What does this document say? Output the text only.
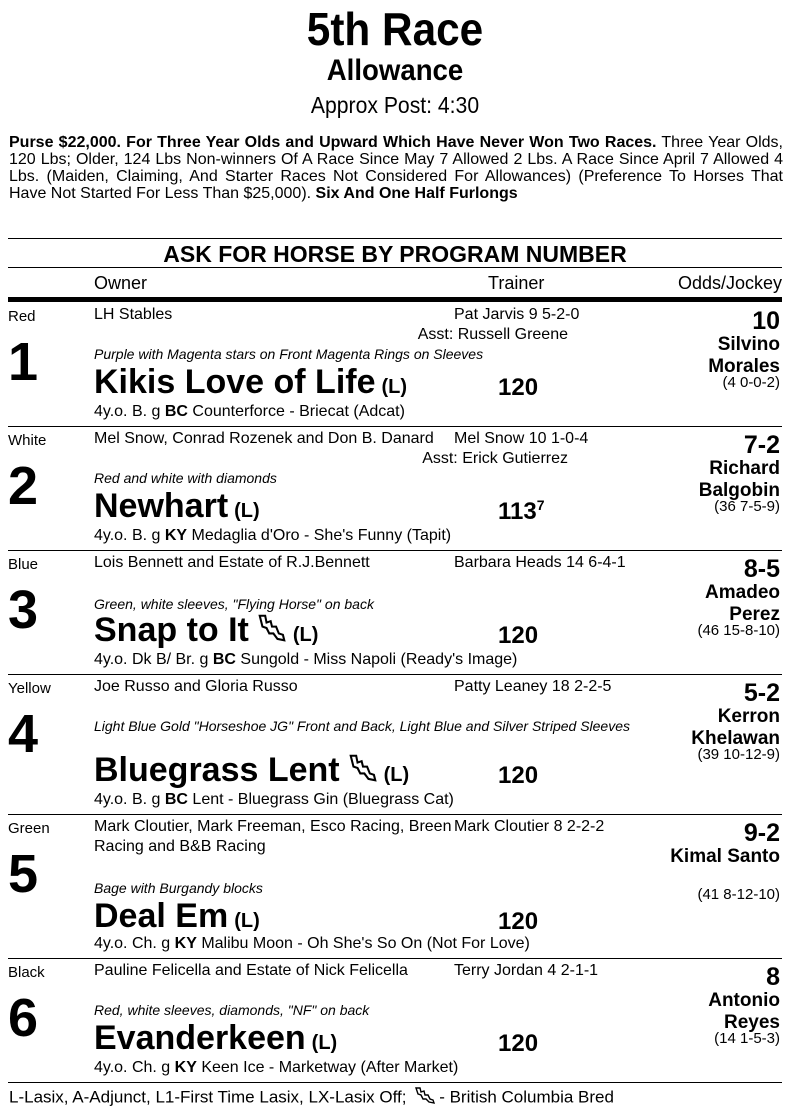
5th Race
Allowance
Approx Post: 4:30
Purse $22,000. For Three Year Olds and Upward Which Have Never Won Two Races. Three Year Olds, 120 Lbs; Older, 124 Lbs Non-winners Of A Race Since May 7 Allowed 2 Lbs. A Race Since April 7 Allowed 4 Lbs. (Maiden, Claiming, And Starter Races Not Considered For Allowances) (Preference To Horses That Have Not Started For Less Than $25,000). Six And One Half Furlongs
ASK FOR HORSE BY PROGRAM NUMBER
Owner	Trainer	Odds/Jockey
Red
1
LH Stables	Pat Jarvis 9 5-2-0
Asst: Russell Greene
Purple with Magenta stars on Front Magenta Rings on Sleeves
Kikis Love of Life (L)	120
4y.o. B. g BC Counterforce - Briecat (Adcat)
10
Silvino Morales
(4 0-0-2)
White
2
Mel Snow, Conrad Rozenek and Don B. Danard	Mel Snow 10 1-0-4
Asst: Erick Gutierrez
Red and white with diamonds
Newhart (L)	$113^7$
4y.o. B. g KY Medaglia d'Oro - She's Funny (Tapit)
7-2
Richard Balgobin
(36 7-5-9)
Blue
3
Lois Bennett and Estate of R.J.Bennett	Barbara Heads 14 6-4-1
Green, white sleeves, "Flying Horse" on back
Snap to It (L)	120
4y.o. Dk B/ Br. g BC Sungold - Miss Napoli (Ready's Image)
8-5
Amadeo Perez
(46 15-8-10)
Yellow
4
Joe Russo and Gloria Russo	Patty Leaney 18 2-2-5
Light Blue Gold "Horseshoe JG" Front and Back, Light Blue and Silver Striped Sleeves
Bluegrass Lent (L)	120
4y.o. B. g BC Lent - Bluegrass Gin (Bluegrass Cat)
5-2
Kerron Khelawan
(39 10-12-9)
Green
5
Mark Cloutier, Mark Freeman, Esco Racing, Breen Racing and B&B Racing
Mark Cloutier 8 2-2-2
Bage with Burgandy blocks
Deal Em (L)	120
4y.o. Ch. g KY Malibu Moon - Oh She's So On (Not For Love)
9-2
Kimal Santo
(41 8-12-10)
Black
6
Pauline Felicella and Estate of Nick Felicella	Terry Jordan 4 2-1-1
Red, white sleeves, diamonds, "NF" on back
Evanderkeen (L)	120
4y.o. Ch. g KY Keen Ice - Marketway (After Market)
8
Antonio Reyes
(14 1-5-3)
L-Lasix, A-Adjunct, L1-First Time Lasix, LX-Lasix Off; - British Columbia Bred
